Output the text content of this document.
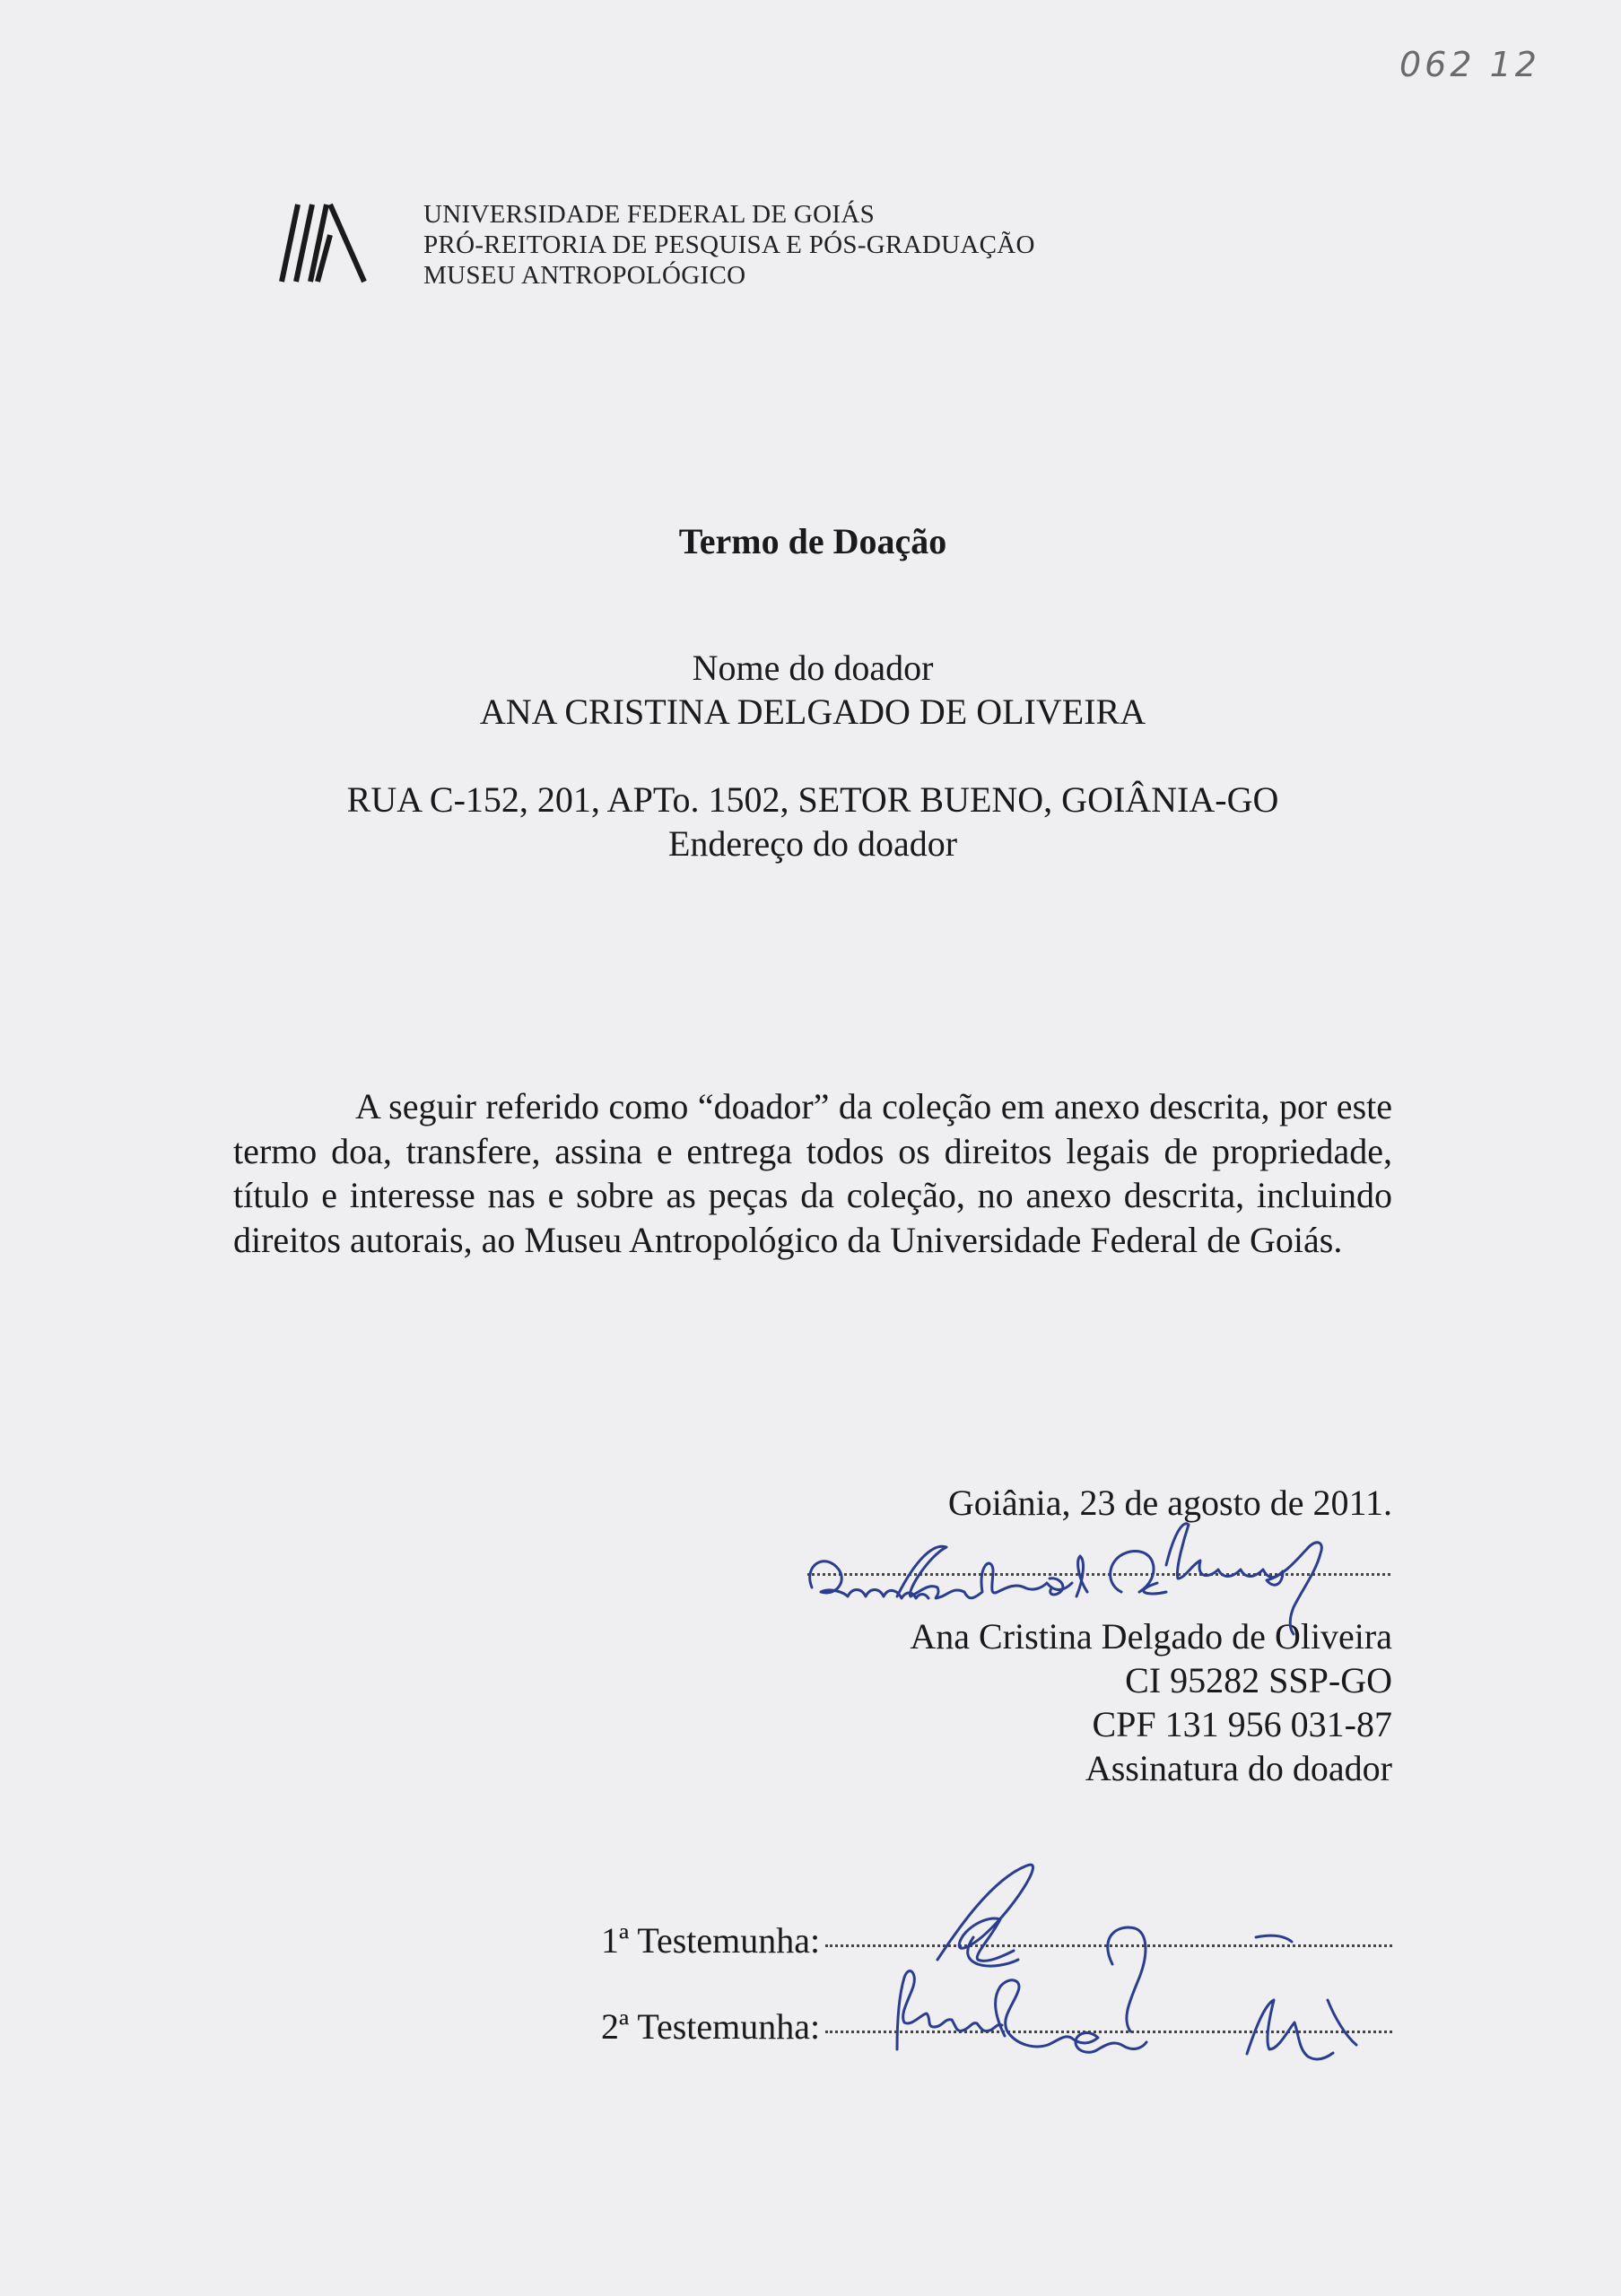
062 12
UNIVERSIDADE FEDERAL DE GOIÁS
PRÓ-REITORIA DE PESQUISA E PÓS-GRADUAÇÃO
MUSEU ANTROPOLÓGICO
Termo de Doação
Nome do doador
ANA CRISTINA DELGADO DE OLIVEIRA
RUA C-152, 201, APTo. 1502, SETOR BUENO, GOIÂNIA-GO
Endereço do doador
A seguir referido como “doador” da coleção em anexo descrita, por este termo doa, transfere, assina e entrega todos os direitos legais de propriedade, título e interesse nas e sobre as peças da coleção, no anexo descrita, incluindo direitos autorais, ao Museu Antropológico da Universidade Federal de Goiás.
Goiânia, 23 de agosto de 2011.
Ana Cristina Delgado de Oliveira
CI 95282 SSP-GO
CPF 131 956 031-87
Assinatura do doador
1ª Testemunha:
2ª Testemunha:
